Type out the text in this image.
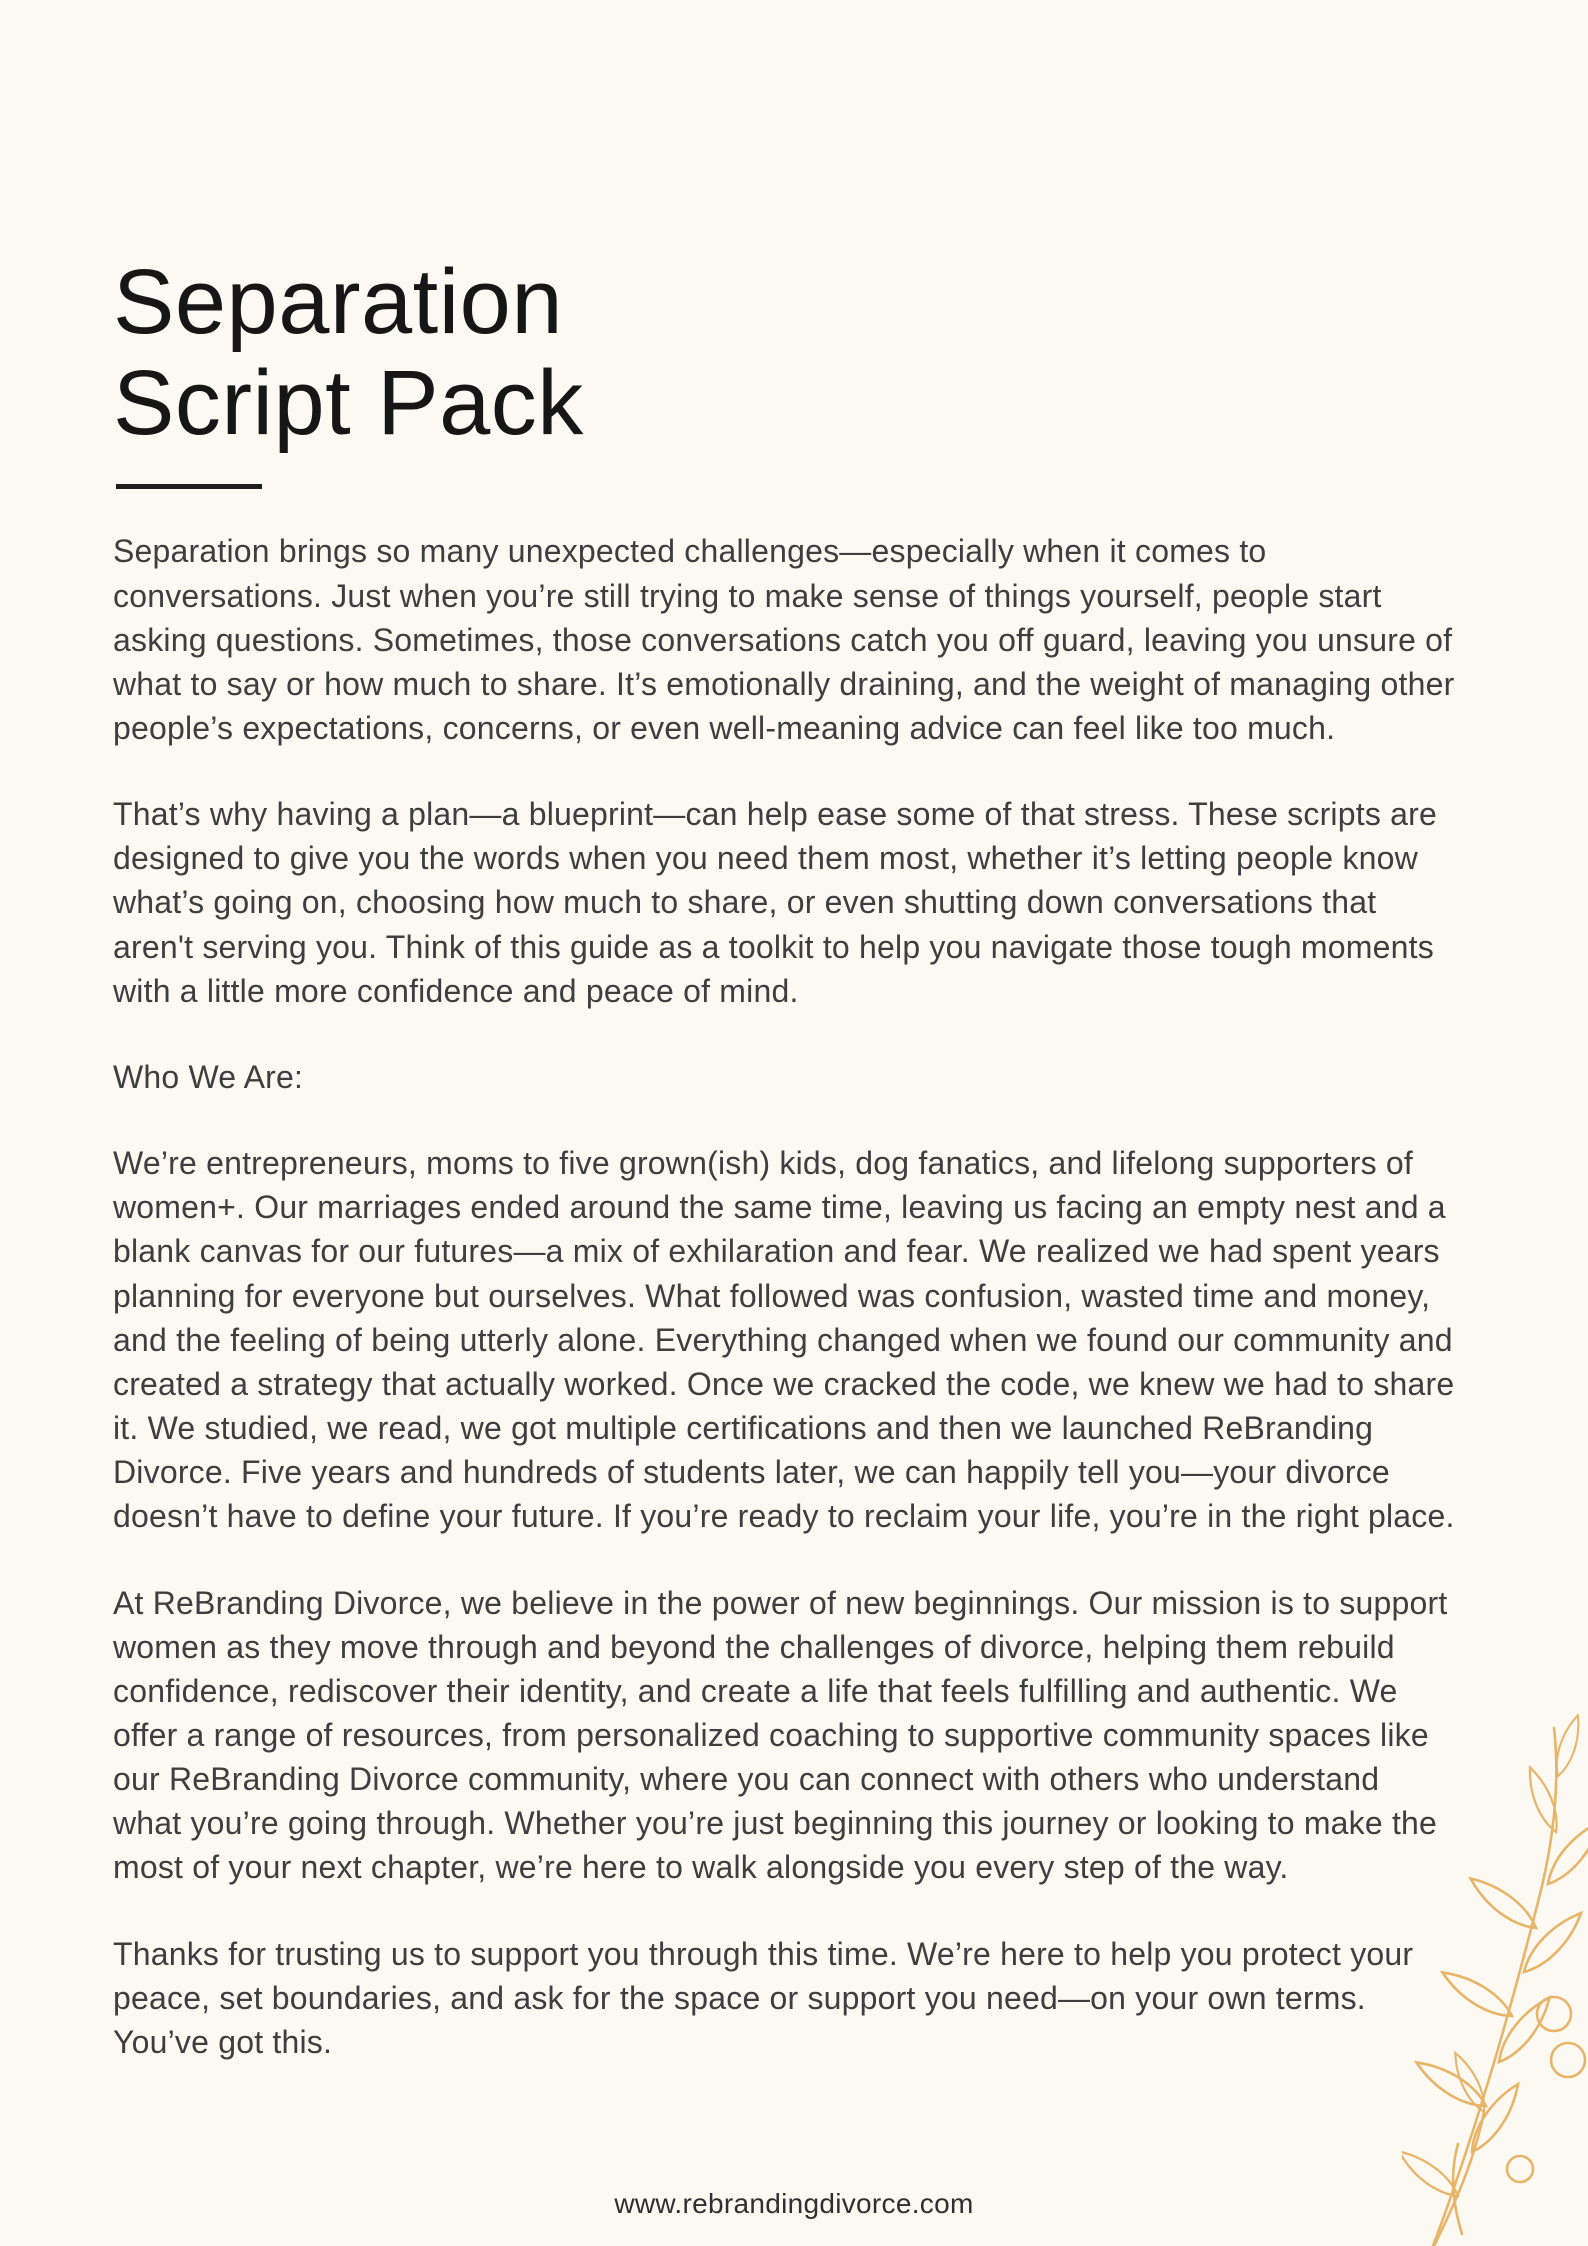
Separation
Script Pack

Separation brings so many unexpected challenges—especially when it comes to conversations. Just when you’re still trying to make sense of things yourself, people start asking questions. Sometimes, those conversations catch you off guard, leaving you unsure of what to say or how much to share. It’s emotionally draining, and the weight of managing other people’s expectations, concerns, or even well-meaning advice can feel like too much.

That’s why having a plan—a blueprint—can help ease some of that stress. These scripts are designed to give you the words when you need them most, whether it’s letting people know what’s going on, choosing how much to share, or even shutting down conversations that aren't serving you. Think of this guide as a toolkit to help you navigate those tough moments with a little more confidence and peace of mind.

Who We Are:

We’re entrepreneurs, moms to five grown(ish) kids, dog fanatics, and lifelong supporters of women+. Our marriages ended around the same time, leaving us facing an empty nest and a blank canvas for our futures—a mix of exhilaration and fear. We realized we had spent years planning for everyone but ourselves. What followed was confusion, wasted time and money, and the feeling of being utterly alone. Everything changed when we found our community and created a strategy that actually worked. Once we cracked the code, we knew we had to share it. We studied, we read, we got multiple certifications and then we launched ReBranding Divorce. Five years and hundreds of students later, we can happily tell you—your divorce doesn’t have to define your future. If you’re ready to reclaim your life, you’re in the right place.

At ReBranding Divorce, we believe in the power of new beginnings. Our mission is to support women as they move through and beyond the challenges of divorce, helping them rebuild confidence, rediscover their identity, and create a life that feels fulfilling and authentic. We offer a range of resources, from personalized coaching to supportive community spaces like our ReBranding Divorce community, where you can connect with others who understand what you’re going through. Whether you’re just beginning this journey or looking to make the most of your next chapter, we’re here to walk alongside you every step of the way.

Thanks for trusting us to support you through this time. We’re here to help you protect your peace, set boundaries, and ask for the space or support you need—on your own terms. You’ve got this.

www.rebrandingdivorce.com
